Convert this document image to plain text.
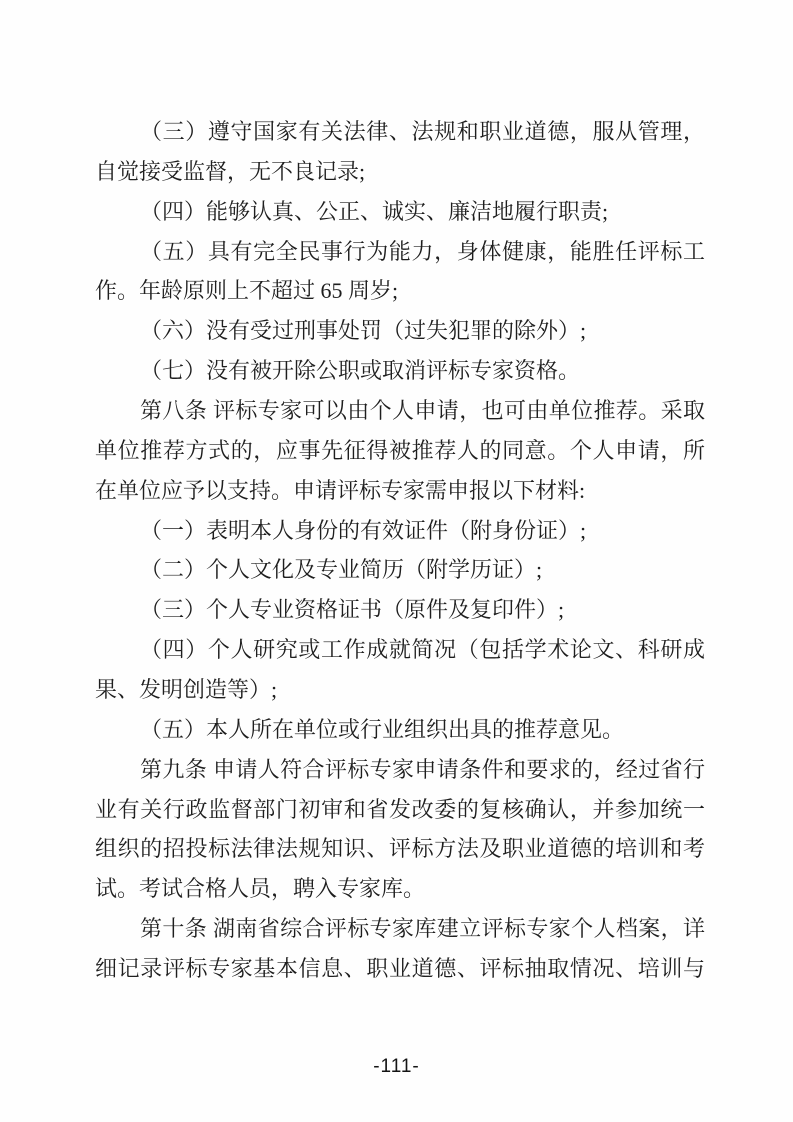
（三）遵守国家有关法律、法规和职业道德，服从管理，
自觉接受监督，无不良记录;
（四）能够认真、公正、诚实、廉洁地履行职责;
（五）具有完全民事行为能力，身体健康，能胜任评标工
作。年龄原则上不超过 65 周岁;
（六）没有受过刑事处罚（过失犯罪的除外）;
（七）没有被开除公职或取消评标专家资格。
第八条 评标专家可以由个人申请，也可由单位推荐。采取
单位推荐方式的，应事先征得被推荐人的同意。个人申请，所
在单位应予以支持。申请评标专家需申报以下材料:
（一）表明本人身份的有效证件（附身份证）;
（二）个人文化及专业简历（附学历证）;
（三）个人专业资格证书（原件及复印件）;
（四）个人研究或工作成就简况（包括学术论文、科研成
果、发明创造等）;
（五）本人所在单位或行业组织出具的推荐意见。
第九条 申请人符合评标专家申请条件和要求的，经过省行
业有关行政监督部门初审和省发改委的复核确认，并参加统一
组织的招投标法律法规知识、评标方法及职业道德的培训和考
试。考试合格人员，聘入专家库。
第十条 湖南省综合评标专家库建立评标专家个人档案，详
细记录评标专家基本信息、职业道德、评标抽取情况、培训与
-111-
